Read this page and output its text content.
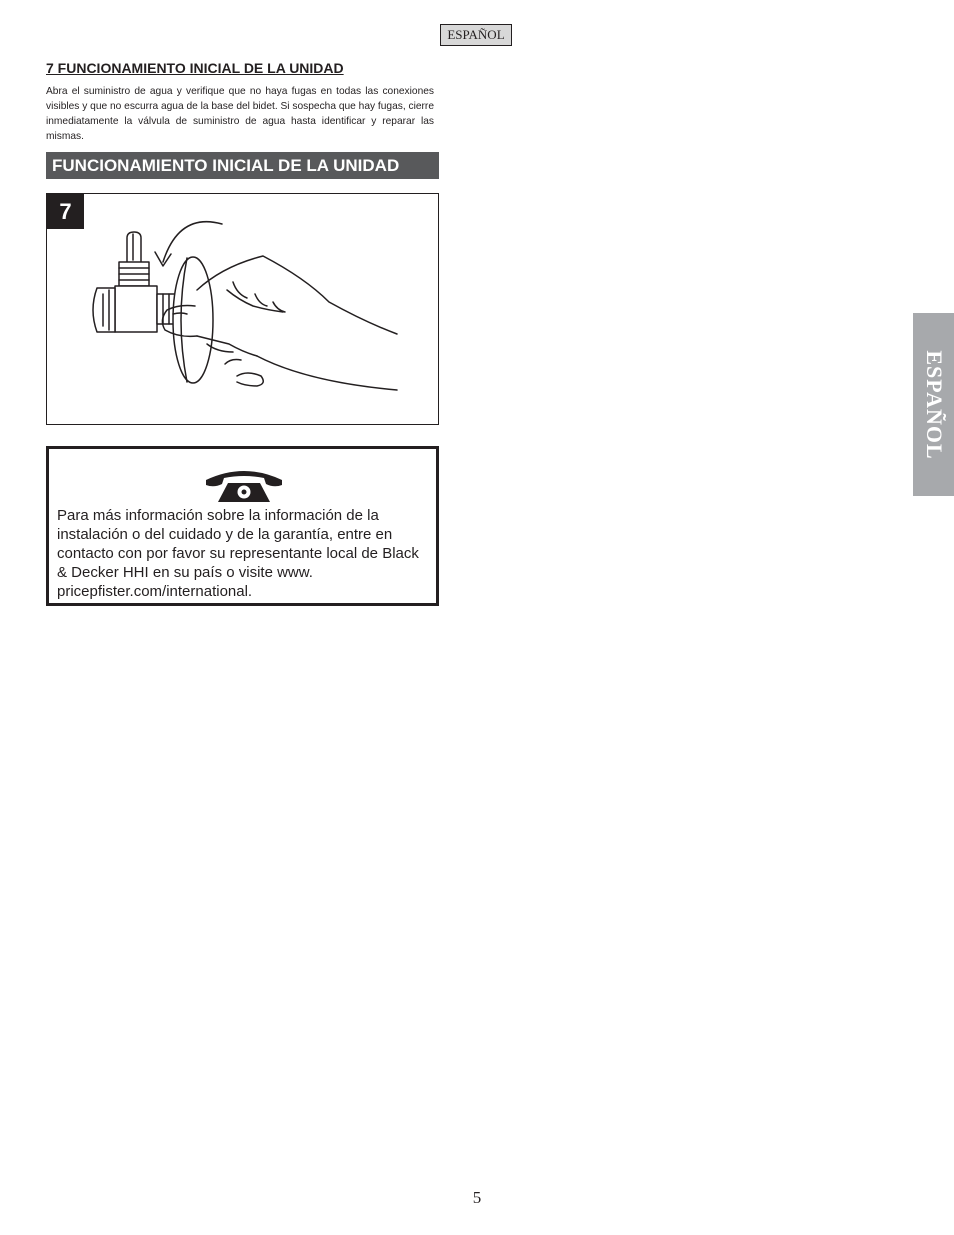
ESPAÑOL
7 FUNCIONAMIENTO INICIAL DE LA UNIDAD

Abra el suministro de agua y verifique que no haya fugas en todas las conexiones visibles y que no escurra agua de la base del bidet. Si sospecha que hay fugas, cierre inmediatamente la válvula de suministro de agua hasta identificar y reparar las mismas.

FUNCIONAMIENTO INICIAL DE LA UNIDAD
7

Para más información sobre la información de la instalación o del cuidado y de la garantía, entre en contacto con por favor su representante local de Black & Decker HHI en su país o visite www. pricepfister.com/international.

ESPAÑOL
5
